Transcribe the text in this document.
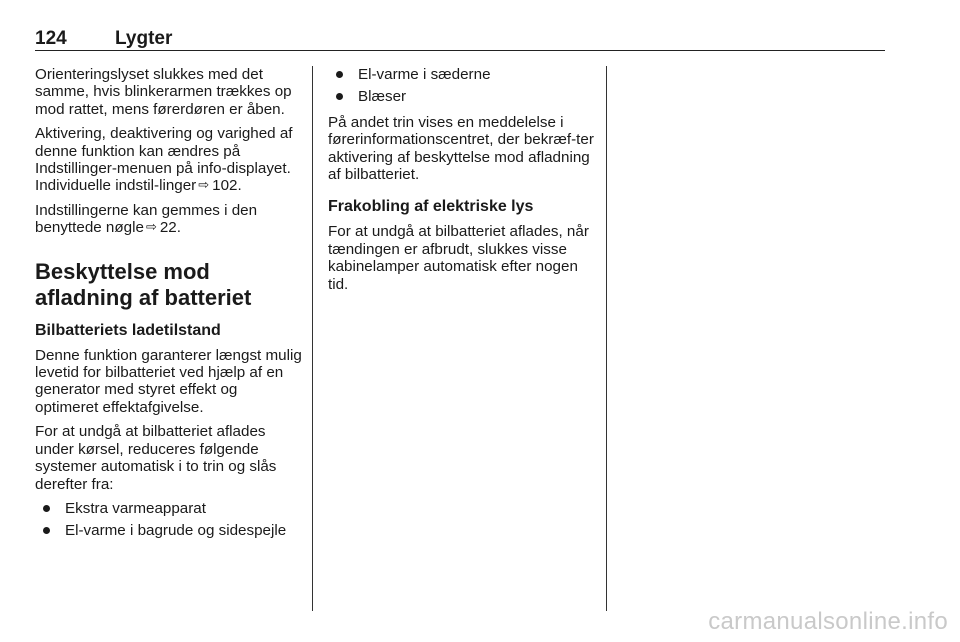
124	Lygter

Orienteringslyset slukkes med det samme, hvis blinkerarmen trækkes op mod rattet, mens førerdøren er åben.

Aktivering, deaktivering og varighed af denne funktion kan ændres på Indstillinger-menuen på info-displayet. Individuelle indstil-linger ⇨ 102.

Indstillingerne kan gemmes i den benyttede nøgle ⇨ 22.

Beskyttelse mod afladning af batteriet
Bilbatteriets ladetilstand

Denne funktion garanterer længst mulig levetid for bilbatteriet ved hjælp af en generator med styret effekt og optimeret effektafgivelse.

For at undgå at bilbatteriet aflades under kørsel, reduceres følgende systemer automatisk i to trin og slås derefter fra:

Ekstra varmeapparat
El-varme i bagrude og sidespejle
El-varme i sæderne
Blæser

På andet trin vises en meddelelse i førerinformationscentret, der bekræf-ter aktivering af beskyttelse mod afladning af bilbatteriet.

Frakobling af elektriske lys

For at undgå at bilbatteriet aflades, når tændingen er afbrudt, slukkes visse kabinelamper automatisk efter nogen tid.

carmanualsonline.info
